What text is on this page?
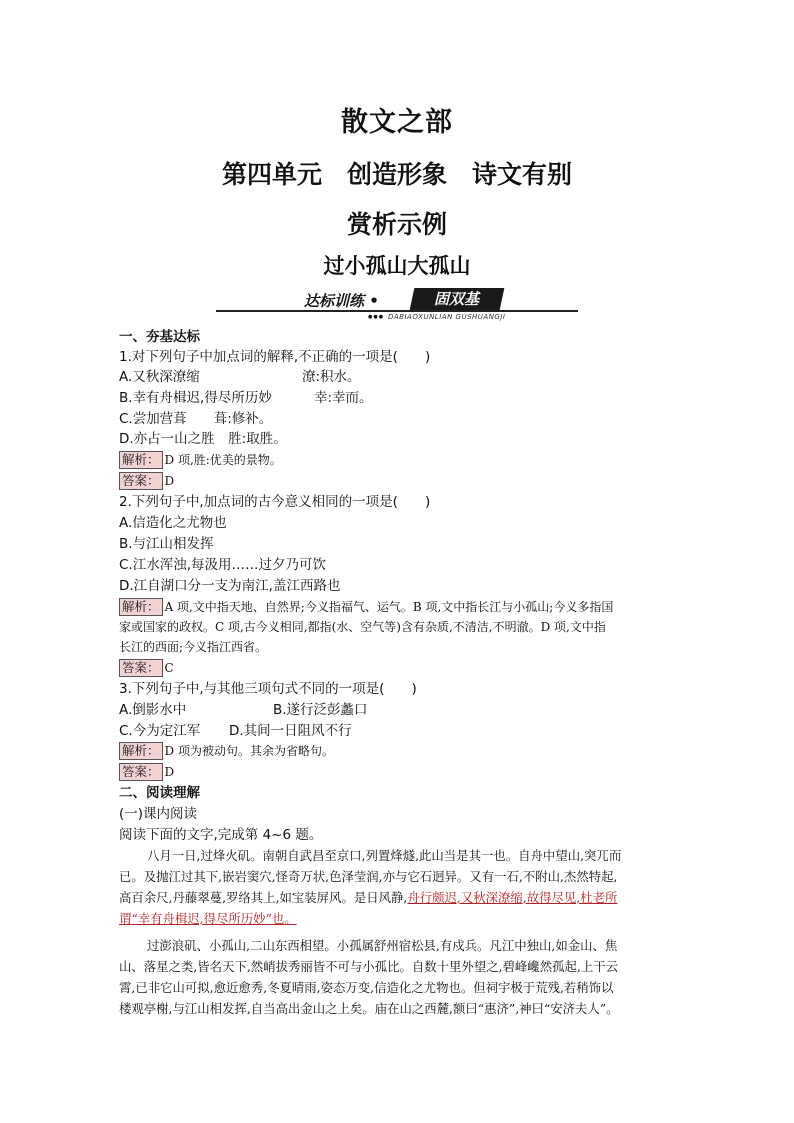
散文之部
第四单元　创造形象　诗文有别
赏析示例
过小孤山大孤山
达标训练 •	固双基
●●● DABIAOXUNLIAN GUSHUANGJI
一、夯基达标
1.对下列句子中加点词的解释,不正确的一项是(　　)
A.又秋深潦缩	潦:积水。
B.幸有舟楫迟,得尽所历妙	幸:幸而。
C.尝加营葺　　葺:修补。
D.亦占一山之胜　胜:取胜。
解析： D 项,胜:优美的景物。
答案： D
2.下列句子中,加点词的古今意义相同的一项是(　　)
A.信造化之尤物也
B.与江山相发挥
C.江水浑浊,每汲用……过夕乃可饮
D.江自湖口分一支为南江,盖江西路也
解析： A 项,文中指天地、自然界;今义指福气、运气。B 项,文中指长江与小孤山;今义多指国
家或国家的政权。C 项,古今义相同,都指(水、空气等)含有杂质,不清洁,不明澈。D 项,文中指
长江的西面;今义指江西省。
答案： C
3.下列句子中,与其他三项句式不同的一项是(　　)
A.倒影水中	B.遂行泛彭蠡口
C.今为定江军 D.其间一日阻风不行
解析： D 项为被动句。其余为省略句。
答案： D
二、阅读理解
(一)课内阅读
阅读下面的文字,完成第 4~6 题。
八月一日,过烽火矶。南朝自武昌至京口,列置烽燧,此山当是其一也。自舟中望山,突兀而
已。及抛江过其下,嵌岩窦穴,怪奇万状,色泽莹润,亦与它石迥异。又有一石,不附山,杰然特起,
高百余尺,丹藤翠蔓,罗络其上,如宝装屏风。是日风静,舟行颇迟,又秋深潦缩,故得尽见,杜老所
谓“幸有舟楫迟,得尽所历妙”也。
过澎浪矶、小孤山,二山东西相望。小孤属舒州宿松县,有戍兵。凡江中独山,如金山、焦
山、落星之类,皆名天下,然峭拔秀丽皆不可与小孤比。自数十里外望之,碧峰巉然孤起,上干云
霄,已非它山可拟,愈近愈秀,冬夏晴雨,姿态万变,信造化之尤物也。但祠宇极于荒残,若稍饰以
楼观亭榭,与江山相发挥,自当高出金山之上矣。庙在山之西麓,额曰“惠济”,神曰“安济夫人”。
